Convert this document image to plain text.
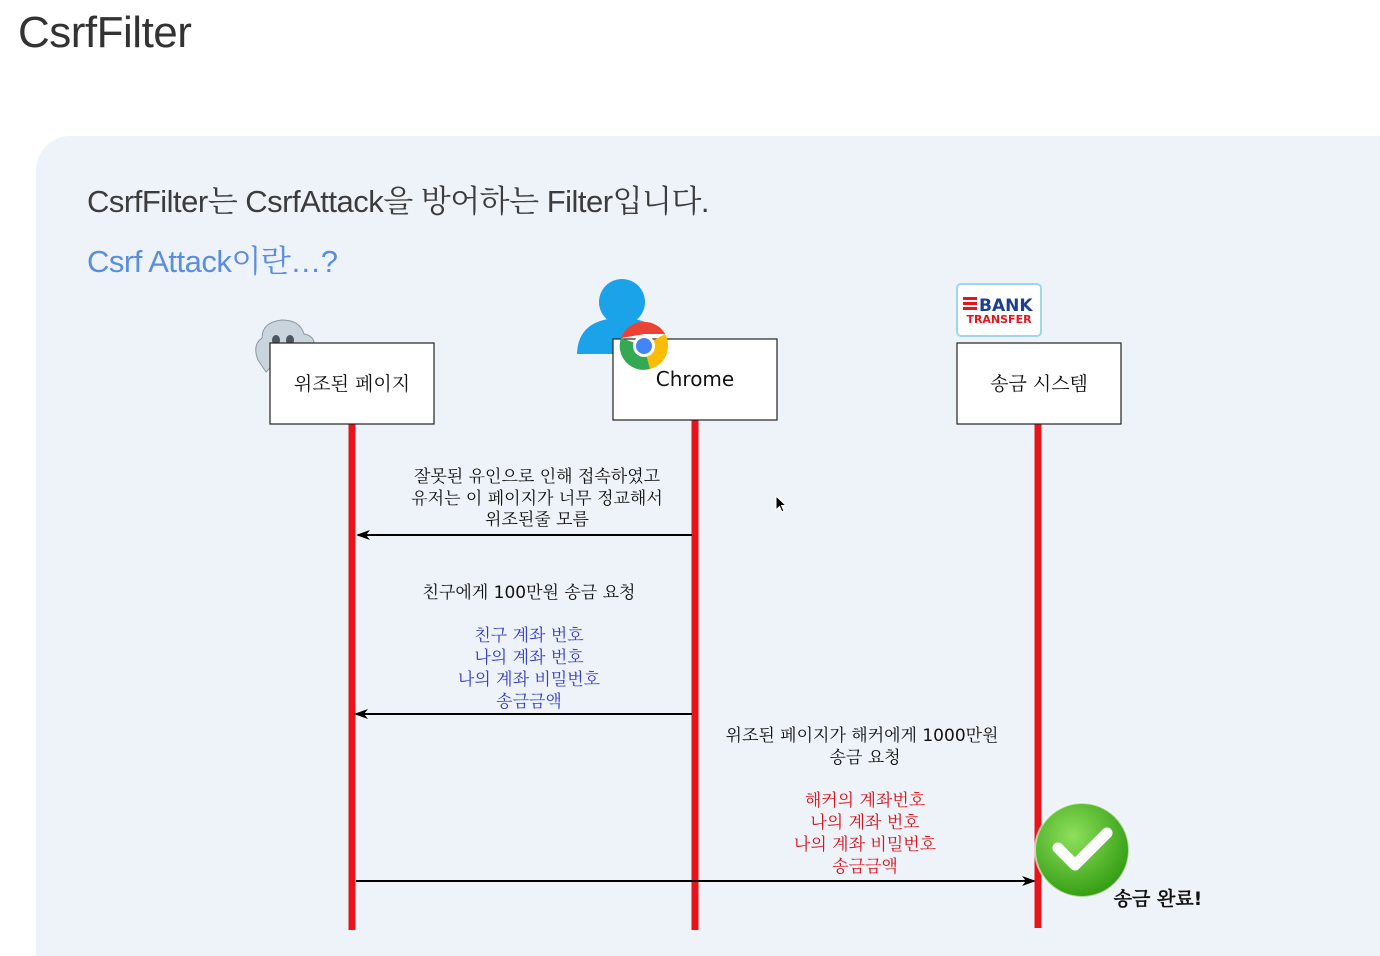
CsrfFilter
CsrfFilter는 CsrfAttack을 방어하는 Filter입니다.
Csrf Attack이란…?
위조된 페이지	Chrome
BANK
TRANSFER
송금 시스템
잘못된 유인으로 인해 접속하였고
유저는 이 페이지가 너무 정교해서
위조된줄 모름
친구에게 100만원 송금 요청
친구 계좌 번호
나의 계좌 번호
나의 계좌 비밀번호
송금금액
위조된 페이지가 해커에게 1000만원
송금 요청
해커의 계좌번호
나의 계좌 번호
나의 계좌 비밀번호
송금금액
송금 완료!
